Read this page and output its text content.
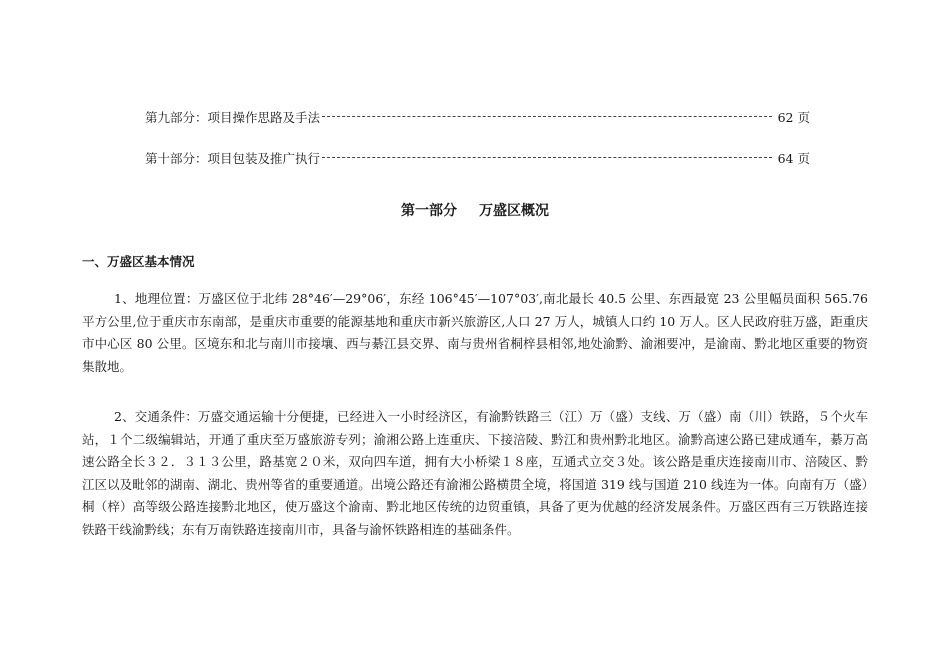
第九部分：项目操作思路及手法	62 页
第十部分：项目包装及推广执行	64 页
第一部分 万盛区概况
一、万盛区基本情况

1、地理位置：万盛区位于北纬 28°46′—29°06′，东经 106°45′—107°03′,南北最长 40.5 公里、东西最宽 23 公里幅员面积 565.76 平方公里,位于重庆市东南部，是重庆市重要的能源基地和重庆市新兴旅游区,人口 27 万人，城镇人口约 10 万人。区人民政府驻万盛，距重庆市中心区 80 公里。区境东和北与南川市接壤、西与綦江县交界、南与贵州省桐梓县相邻,地处渝黔、渝湘要冲，是渝南、黔北地区重要的物资集散地。

2、交通条件：万盛交通运输十分便捷，已经进入一小时经济区，有渝黔铁路三（江）万（盛）支线、万（盛）南（川）铁路，５个火车站，１个二级编辑站，开通了重庆至万盛旅游专列；渝湘公路上连重庆、下接涪陵、黔江和贵州黔北地区。渝黔高速公路已建成通车，綦万高速公路全长３２．３１３公里，路基宽２０米，双向四车道，拥有大小桥梁１８座，互通式立交３处。该公路是重庆连接南川市、涪陵区、黔江区以及毗邻的湖南、湖北、贵州等省的重要通道。出境公路还有渝湘公路横贯全境，将国道 319 线与国道 210 线连为一体。向南有万（盛）桐（梓）高等级公路连接黔北地区，使万盛这个渝南、黔北地区传统的边贸重镇，具备了更为优越的经济发展条件。万盛区西有三万铁路连接铁路干线渝黔线；东有万南铁路连接南川市，具备与渝怀铁路相连的基础条件。
